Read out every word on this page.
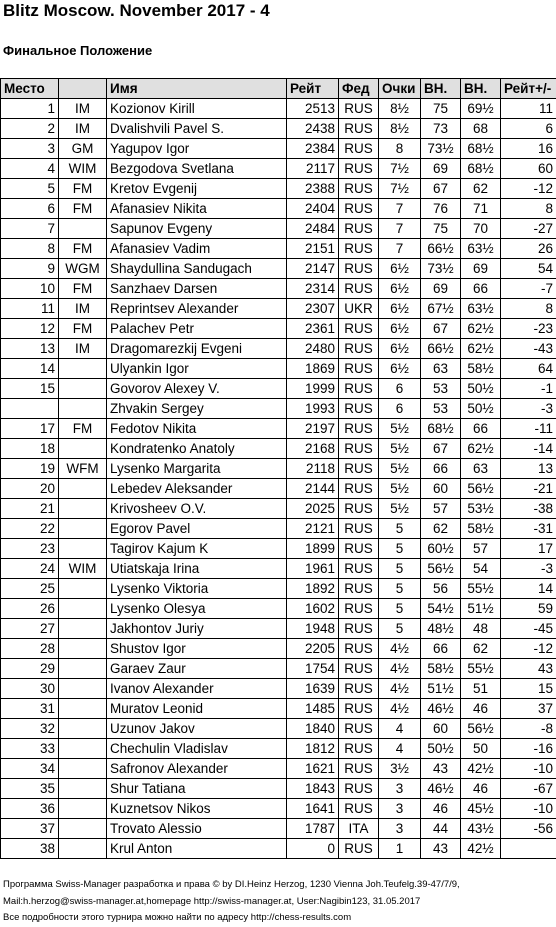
Blitz Moscow. November 2017 - 4
Финальное Положение
Место		Имя	Рейт	Фед	Очки	ВН.	ВН.	Рейт+/-
1	IM	Kozionov Kirill	2513	RUS	8½	75	69½	11
2	IM	Dvalishvili Pavel S.	2438	RUS	8½	73	68	6
3	GM	Yagupov Igor	2384	RUS	8	73½	68½	16
4	WIM	Bezgodova Svetlana	2117	RUS	7½	69	68½	60
5	FM	Kretov Evgenij	2388	RUS	7½	67	62	-12
6	FM	Afanasiev Nikita	2404	RUS	7	76	71	8
7		Sapunov Evgeny	2484	RUS	7	75	70	-27
8	FM	Afanasiev Vadim	2151	RUS	7	66½	63½	26
9	WGM	Shaydullina Sandugach	2147	RUS	6½	73½	69	54
10	FM	Sanzhaev Darsen	2314	RUS	6½	69	66	-7
11	IM	Reprintsev Alexander	2307	UKR	6½	67½	63½	8
12	FM	Palachev Petr	2361	RUS	6½	67	62½	-23
13	IM	Dragomarezkij Evgeni	2480	RUS	6½	66½	62½	-43
14		Ulyankin Igor	1869	RUS	6½	63	58½	64
15		Govorov Alexey V.	1999	RUS	6	53	50½	-1
		Zhvakin Sergey	1993	RUS	6	53	50½	-3
17	FM	Fedotov Nikita	2197	RUS	5½	68½	66	-11
18		Kondratenko Anatoly	2168	RUS	5½	67	62½	-14
19	WFM	Lysenko Margarita	2118	RUS	5½	66	63	13
20		Lebedev Aleksander	2144	RUS	5½	60	56½	-21
21		Krivosheev O.V.	2025	RUS	5½	57	53½	-38
22		Egorov Pavel	2121	RUS	5	62	58½	-31
23		Tagirov Kajum K	1899	RUS	5	60½	57	17
24	WIM	Utiatskaja Irina	1961	RUS	5	56½	54	-3
25		Lysenko Viktoria	1892	RUS	5	56	55½	14
26		Lysenko Olesya	1602	RUS	5	54½	51½	59
27		Jakhontov Juriy	1948	RUS	5	48½	48	-45
28		Shustov Igor	2205	RUS	4½	66	62	-12
29		Garaev Zaur	1754	RUS	4½	58½	55½	43
30		Ivanov Alexander	1639	RUS	4½	51½	51	15
31		Muratov Leonid	1485	RUS	4½	46½	46	37
32		Uzunov Jakov	1840	RUS	4	60	56½	-8
33		Chechulin Vladislav	1812	RUS	4	50½	50	-16
34		Safronov Alexander	1621	RUS	3½	43	42½	-10
35		Shur Tatiana	1843	RUS	3	46½	46	-67
36		Kuznetsov Nikos	1641	RUS	3	46	45½	-10
37		Trovato Alessio	1787	ITA	3	44	43½	-56
38		Krul Anton	0	RUS	1	43	42½	
Программа Swiss-Manager разработка и права © by DI.Heinz Herzog, 1230 Vienna Joh.Teufelg.39-47/7/9,
Mail:h.herzog@swiss-manager.at,homepage http://swiss-manager.at, User:Nagibin123, 31.05.2017
Все подробности этого турнира можно найти по адресу http://chess-results.com
